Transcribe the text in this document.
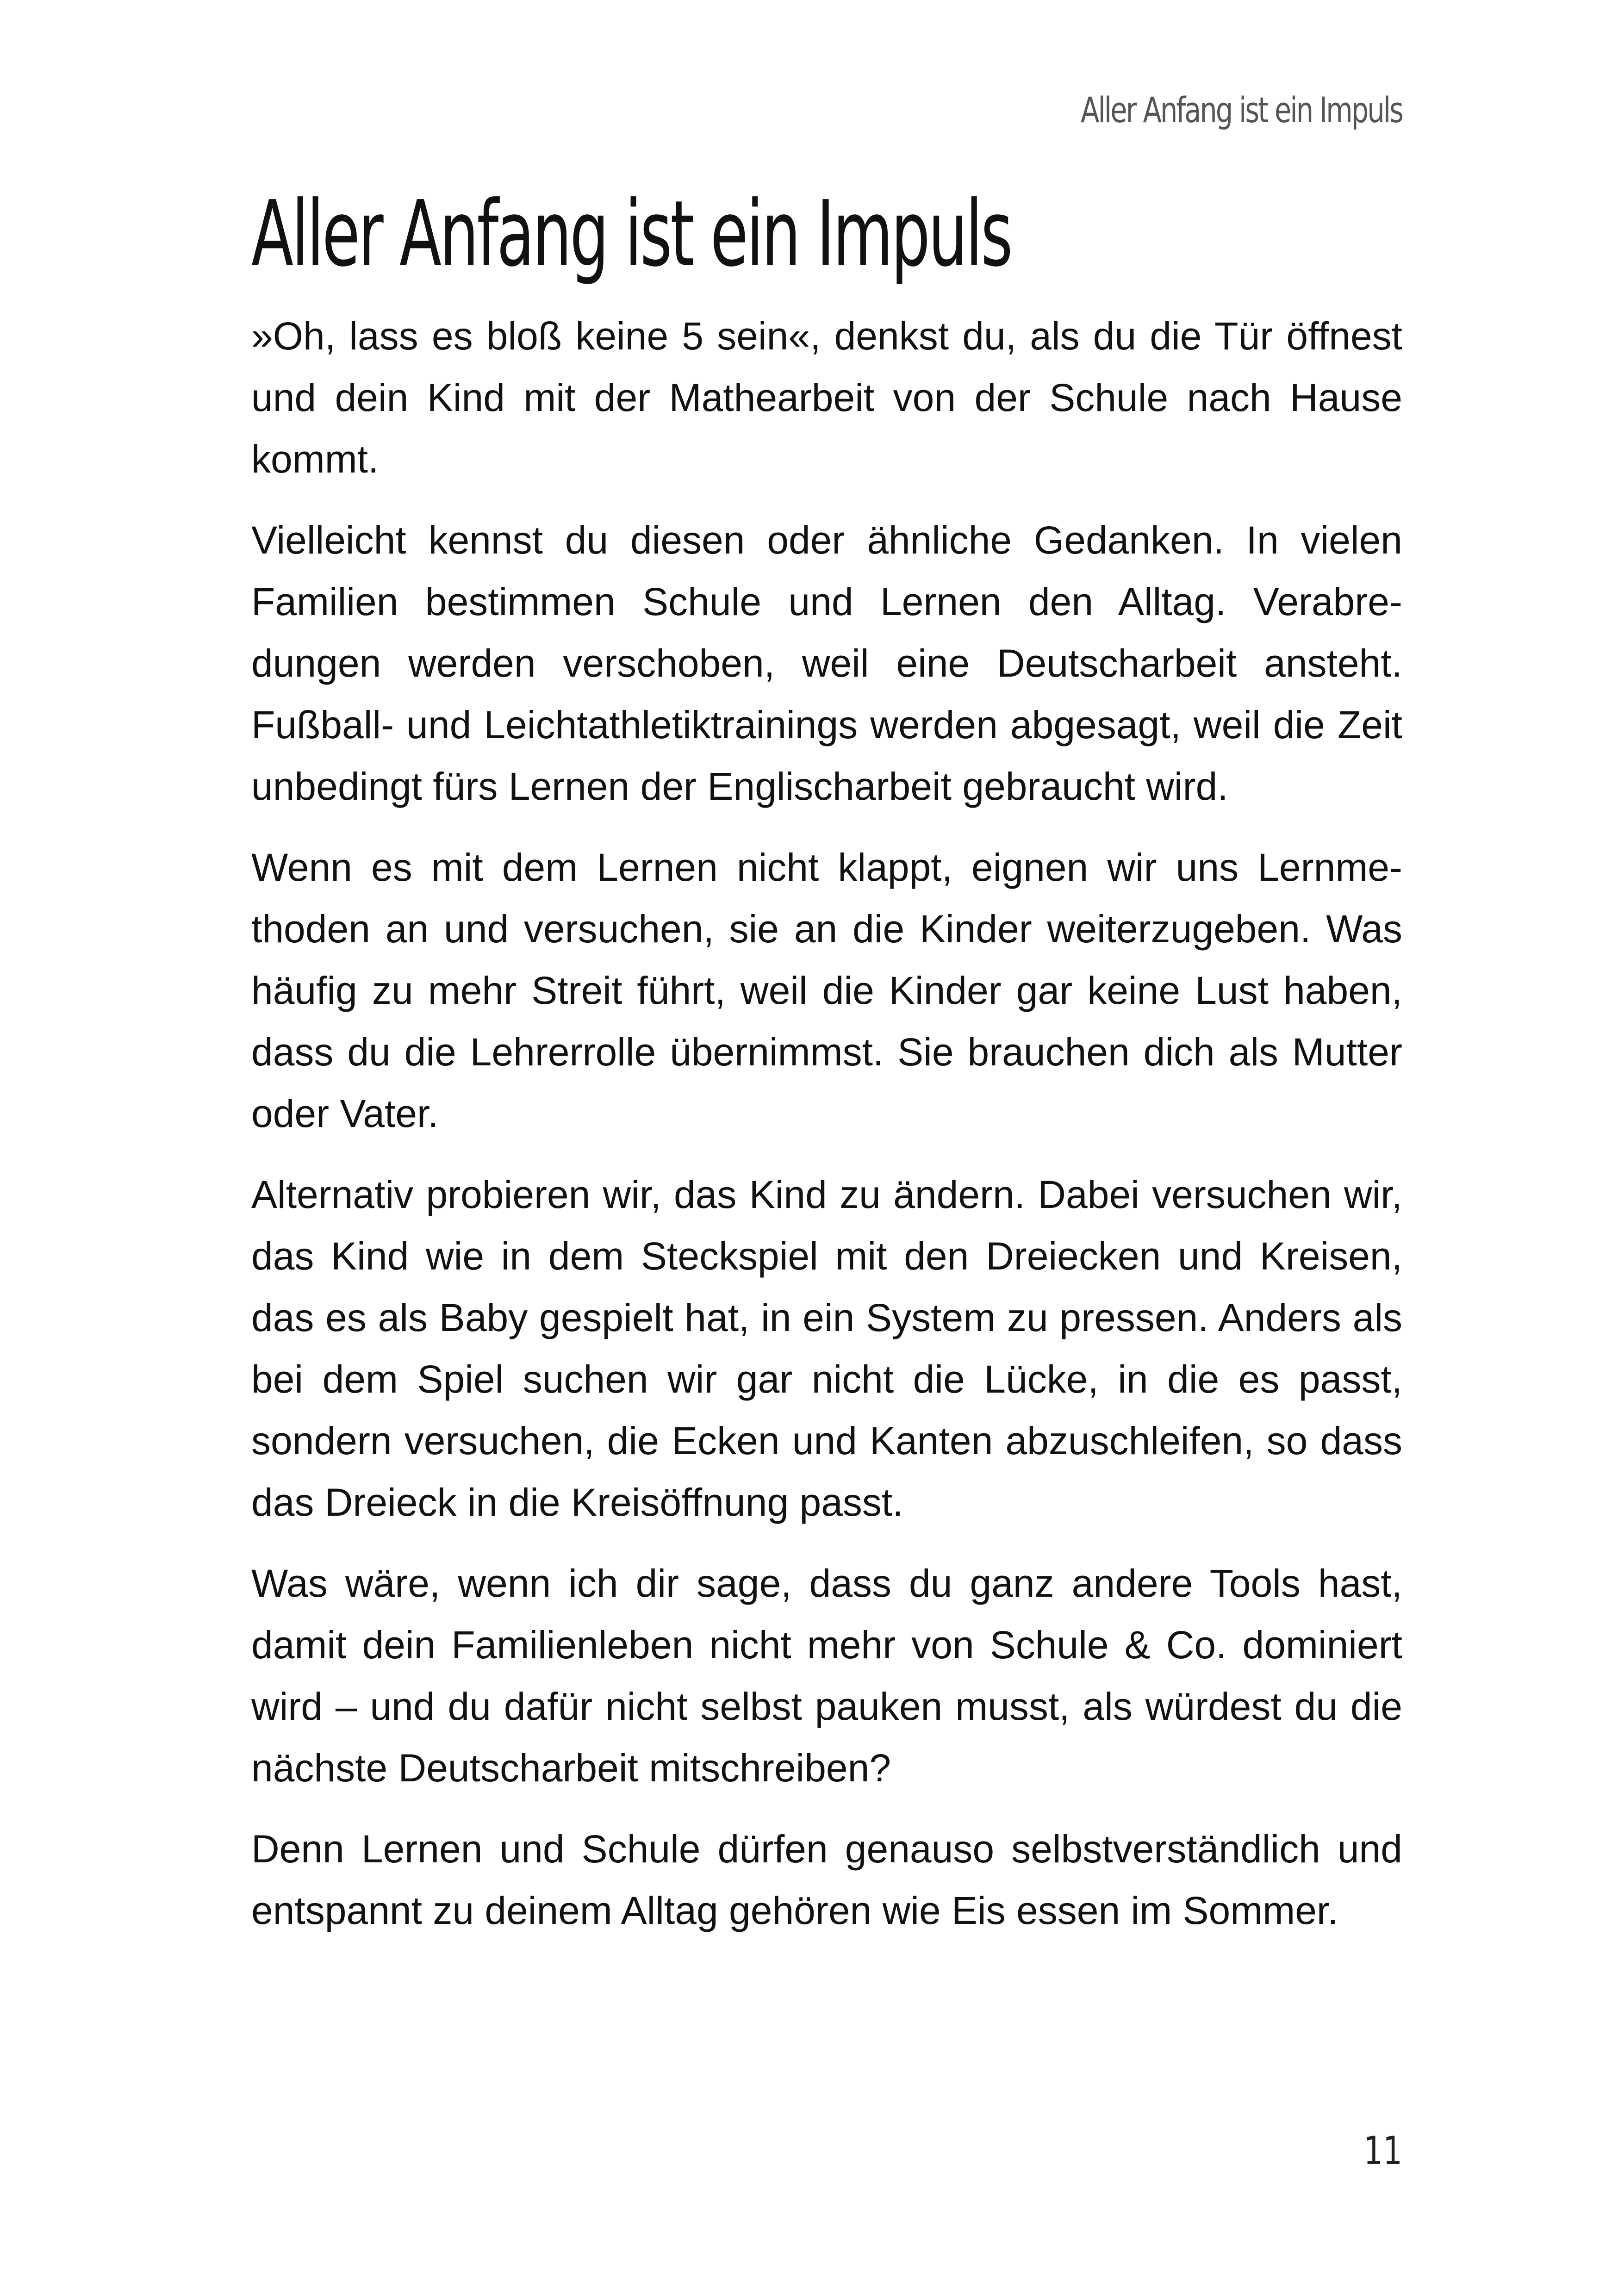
Aller Anfang ist ein Impuls
Aller Anfang ist ein Impuls

»Oh, lass es bloß keine 5 sein«, denkst du, als du die Tür öffnest und dein Kind mit der Mathearbeit von der Schule nach Hause kommt.

Vielleicht kennst du diesen oder ähnliche Gedanken. In vielen Familien bestimmen Schule und Lernen den Alltag. Verabredungen werden verschoben, weil eine Deutscharbeit ansteht. Fußball- und Leichtathletiktrainings werden abgesagt, weil die Zeit unbedingt fürs Lernen der Englischarbeit gebraucht wird.

Wenn es mit dem Lernen nicht klappt, eignen wir uns Lernmethoden an und versuchen, sie an die Kinder weiterzugeben. Was häufig zu mehr Streit führt, weil die Kinder gar keine Lust haben, dass du die Lehrerrolle übernimmst. Sie brauchen dich als Mutter oder Vater.

Alternativ probieren wir, das Kind zu ändern. Dabei versuchen wir, das Kind wie in dem Steckspiel mit den Dreiecken und Kreisen, das es als Baby gespielt hat, in ein System zu pressen. Anders als bei dem Spiel suchen wir gar nicht die Lücke, in die es passt, sondern versuchen, die Ecken und Kanten abzuschleifen, so dass das Dreieck in die Kreisöffnung passt.

Was wäre, wenn ich dir sage, dass du ganz andere Tools hast, damit dein Familienleben nicht mehr von Schule & Co. dominiert wird – und du dafür nicht selbst pauken musst, als würdest du die nächste Deutscharbeit mitschreiben?

Denn Lernen und Schule dürfen genauso selbstverständlich und entspannt zu deinem Alltag gehören wie Eis essen im Sommer.

11
